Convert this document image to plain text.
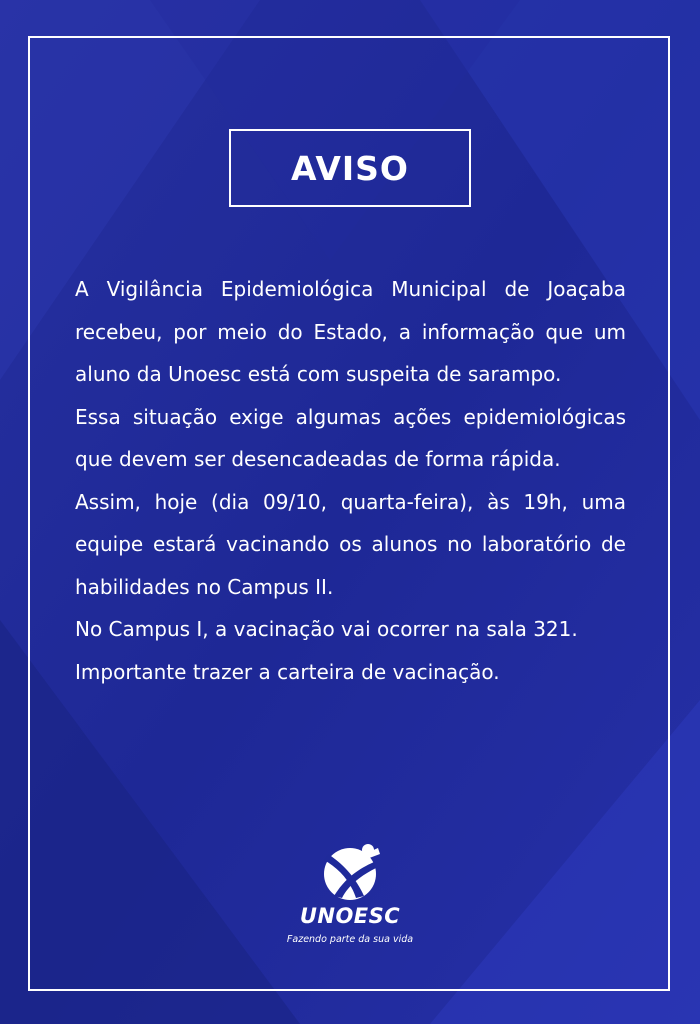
AVISO

A Vigilância Epidemiológica Municipal de Joaçaba recebeu, por meio do Estado, a informação que um aluno da Unoesc está com suspeita de sarampo.

Essa situação exige algumas ações epidemiológicas que devem ser desencadeadas de forma rápida.

Assim, hoje (dia 09/10, quarta-feira), às 19h, uma equipe estará vacinando os alunos no laboratório de habilidades no Campus II.

No Campus I, a vacinação vai ocorrer na sala 321.

Importante trazer a carteira de vacinação.

UNOESC
Fazendo parte da sua vida
